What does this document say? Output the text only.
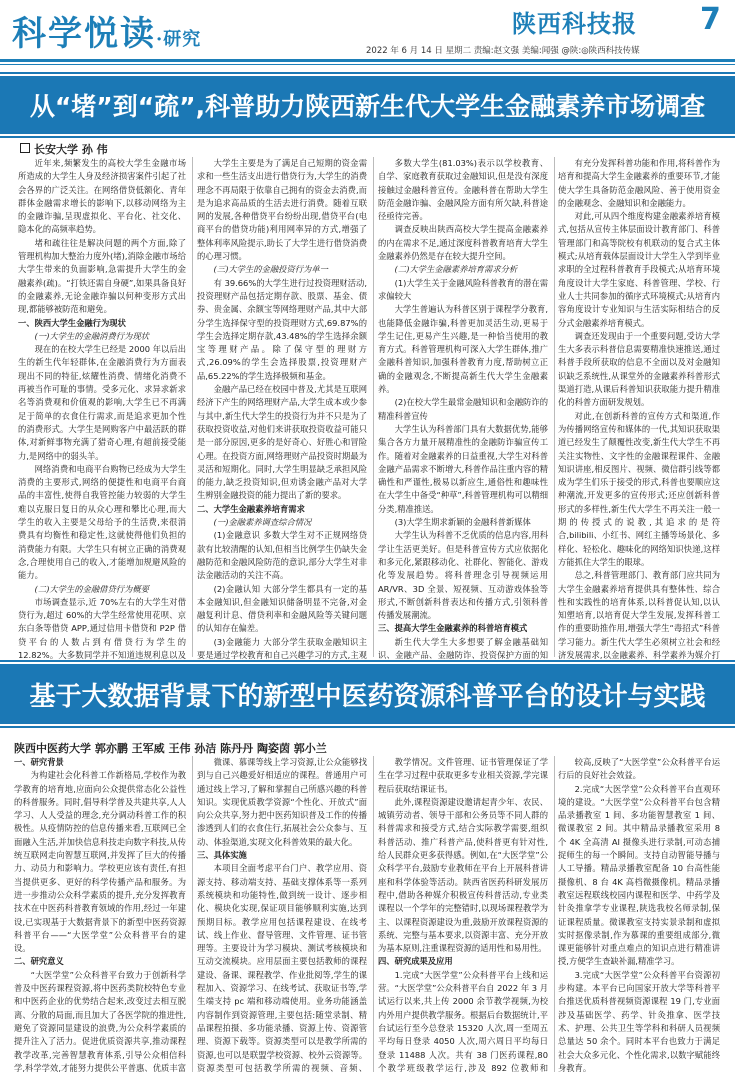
科学悦读·研究
陕西科技报 7
2022 年 6 月 14 日 星期二 责编:赵文强 美编:闻强 @陕:◎陕西科技传媒
从“堵”到“疏”,科普助力陕西新生代大学生金融素养市场调查
长安大学 孙 伟

近年来,频繁发生的高校大学生金融市场所造成的大学生人身及经济损害案件引起了社会各界的广泛关注。在网络借贷低额化、青年群体金融需求增长的影响下,以移动网络为主的金融诈骗,呈现虚拟化、平台化、社交化、隐本化的高频率趋势。

堵和疏往往是解决问题的两个方面,除了管理机构加大整治力度外(堵),消除金融市场给大学生带来的负面影响,急需提升大学生的金融素养(疏)。“打铁还需自身硬”,如果具备良好的金融素养,无论金融诈骗以何种变形方式出现,都能够被防范和避免。

一、陕西大学生金融行为现状

(一)大学生的金融消费行为现状

现在的在校大学生已经是 2000 年以后出生的新生代年轻群体,在金融消费行为方面表现出不同的特征,炫耀性消费、情绪化消费不再被当作可耻的事情。受多元化、求异求新求名等消费观和价值观的影响,大学生已不再满足于简单的衣食住行需求,而是追求更加个性的消费形式。大学生是网购客户中最活跃的群体,对新鲜事物充满了猎奇心理,有超前接受能力,是网络中的弱头羊。

网络消费和电商平台购物已经成为大学生消费的主要形式,网络的便捷性和电商平台商品的丰富性,使得自我管控能力较弱的大学生难以克服日复日的从众心理和攀比心理,而大学生的收入主要是父母给予的生活费,来很消费具有均衡性和稳定性,这就使得他们负担的消费能力有限。大学生只有树立正确的消费观念,合理使用自己的收入,才能增加规避风险的能力。

(二)大学生的金融借贷行为概要

市场调查显示,近 70%左右的大学生对借贷行为,超过 60%的大学生经常使用花呗、京东白条等借贷 APP,通过信用卡借贷和 P2P 借贷平台的人数占到有借贷行为学生的 12.82%。大多数同学并不知道违规利息以及

大学生主要是为了满足自己短期的资金需求和一些生活支出进行借贷行为,大学生的消费理念不再局限于依靠自己拥有的资金去消费,而是为追求高品质的生活去进行消费。随着互联网的发展,各种借贷平台纷纷出现,借贷平台(电商平台的借贷功能)利用网率异的方式,增强了整体利率风险提示,助长了大学生进行借贷消费的心理习惯。

(三)大学生的金融投资行为单一

有 39.66%的大学生进行过投资理财活动,投资理财产品包括定期存款、股票、基金、债券、贵金属、余额宝等网络理财产品,其中大部分学生选择保守型的投资理财方式,69.87%的学生会选择定期存款,43.48%的学生选择余额宝等理财产品。除了保守型的理财方式,26.09%的学生会选择股票,投资理财产品,65.22%的学生选择极频和基金。

金融产品已经在校园中普及,尤其是互联网经济下产生的网络理财产品,大学生成本或少参与其中,新生代大学生的投资行为并不只是为了获取投资收益,对他们来讲获取投资收益可能只是一部分原因,更多的是好奇心、好胜心和冒险心理。在投资方面,网络理财产品投资时期最为灵活和短期化。同时,大学生明显缺乏承担风险的能力,缺乏投资知识,但劝诱金融产品对大学生辨别金融投资的能力提出了新的要求。

二、大学生金融素养培育需求

(一)金融素养调查综合情况

(1)金融意识 多数大学生对不正规网络贷款有比较清醒的认知,但相当比例学生仍缺失金融防范和金融风险防范的意识,部分大学生对非法金融活动的关注不高。

(2)金融认知 大部分学生都具有一定的基本金融知识,但金融知识储备明显不完备,对金融复利计息、借贷利率和金融风险等关键问题的认知存在偏差。

(3)金融能力 大部分学生获取金融知识主要是通过学校教育和自己兴趣学习的方式,主观

多数大学生(81.03%)表示以学校教育、自学、家庭教育获取过金融知识,但是没有深度接触过金融科普宣传。金融科普在帮助大学生防范金融诈骗、金融风险方面有所欠缺,科普途径亟待完善。

调查反映出陕西高校大学生提高金融素养的内在需求不足,通过深度科普教育培育大学生金融素养仍然是存在较大提升空间。

(二)大学生金融素养培育需求分析

(1)大学生关于金融风险科普教育的潜在需求偏较大

大学生普遍认为科普区别于课程学分教育,也能降低金融诈骗,科普更加灵活生动,更易于学生记住,更易产生兴趣,是一种恰当使用的教育方式。科普管理机构可深入大学生群体,推广金融科普知识,加强科普教育力度,帮助树立正确的金融观念,不断提高新生代大学生金融素养。

(2)在校大学生最常金融知识和金融防诈的精准科普宣传

大学生认为科普部门具有大数据优势,能够集合各方力量开展精准性的金融防诈骗宣传工作。随着对金融素养的日益重视,大学生对科普金融产品需求不断增大,科普作品注重内容的精确性和严谨性,极易以新应生,通俗性和趣味性在大学生中备受“种草”,科普管理机构可以精细分类,精准推送。

(3)大学生期求新颖的金融科普新媒体

大学生认为科普不乏优质的信息内容,用科学让生活更美好。但是科普宣传方式应依据化和多元化,紧跟移动化、社群化、智能化、游戏化等发展趋势。将科普理念引导视频运用AR/VR、3D 全景、短视频、互动游戏体验等形式,不断创新科普表达和传播方式,引领科普传播发展潮流。

三、提高大学生金融素养的科普培育模式

新生代大学生大多想要了解金融基础知识、金融产品、金融防诈、投资保护方面的知

有充分发挥科普功能和作用,将科普作为培育和提高大学生金融素养的重要环节,才能使大学生具备防范金融风险、善于使用资金的金融观念、金融知识和金融能力。

对此,可从四个维度构建金融素养培育模式,包括从宣传主体层面设计教育部门、科普管理部门和高等院校有机联动的复合式主体模式;从培育载体层面设计大学生入学到毕业求职的全过程科普教育手段模式;从培育环境角度设计大学生家庭、科普管理、学校、行业人士共同参加的循序式环境模式;从培育内容角度设计专业知识与生活实际相结合的反分式金融素养培育模式。

调查还发现由于一个重要问题,受访大学生大多表示科普信息需要精准快速推送,通过科普手段所获取的信息不全面以及对金融知识缺乏系统性,从课堂外的金融素养科普形式渠道打造,从课后科普知识获取能力提升精准化的科普方面研发规划。

对此,在创新科普的宣传方式和渠道,作为传播网络宣传和媒体的一代,其知识获取渠道已经发生了颠覆性改变,新生代大学生不再关注实物性、文字性的金融课程课件、金融知识讲座,相反图片、视频、微信群引线等都成为学生们乐于接受的形式,科普也要顺应这种潮流,开发更多的宣传形式;还应创新科普形式的多样性,新生代大学生不再关注一般一期的传授式的说教,其追求的是符合,bilibili、小红书、网红主播等场景化、多样化、轻松化、趣味化的网络知识快递,这样方能抓住大学生的眼球。

总之,科普管理部门、教育部门应共同为大学生金融素养培育提供具有整体性、综合性和实践性的培育体系,以科普促认知,以认知塑培育,以培育促大学生发展,发挥科普工作的重要助推作用,增强大学生“毒招式”科普学习能力。新生代大学生必须树立社会和经济发展需求,以金融素养、科学素养为媒介打

基于大数据背景下的新型中医药资源科普平台的设计与实践
陕西中医药大学 郭亦鹏 王军威 王伟 孙洁 陈丹丹 陶姿茵 郭小兰
一、研究背景

为构建社会化科普工作新格局,学校作为教学教育的培育地,应面向公众提供常态化公益性的科普服务。同时,倡导科学普及共建共享,人人学习、人人受益的理念,充分调动科普工作的积极性。从疫情防控的信息传播来看,互联网已全面融入生活,并加快信息科技走向数字科技,从传统互联网走向智慧互联网,并发挥了巨大的传播力、动员力和影响力。学校更应该有责任,有担当提供更多、更好的科学传播产品和服务。为进一步推动公众科学素质的提升,充分发挥教育技术在中医药科普教育领域的作用,经过一年建设,已实现基于大数据背景下的新型中医药资源科普平台——“大医学堂”公众科普平台的建设。

二、研究意义

“大医学堂”公众科普平台致力于创新科学普及中医药课程资源,将中医药类院校特色专业和中医药企业的优势结合起来,改变过去相互脱离、分散的局面,而且加大了各医学院的推进性,避免了资源同显建设的浪费,为公众科学素质的提升注入了活力。促进优质资源共享,推动课程教学改革,完善智慧教育体系,引导公众相信科学,科学学效,才能努力提供公平普惠、优质丰富

微课、慕课等线上学习资源,让公众能够找到与自己兴趣爱好相适应的课程。普通用户可通过线上学习,了解和掌握自己所感兴趣的科普知识。实现优质教学资源“个性化、开放式”面向公众共享,努力把中医药知识普及工作的传播渗透到人们的衣食住行,拓展社会公众参与、互动、体验渠道,实现文化科普效果的最大化。

三、具体实施

本项目全面考虑平台门户、教学应用、资源支持、移动端支持、基础支撑体系等一系列系统模块和功能特性,做到统一设计、逐步相化、模块化实现,保证项目能够顺利实施,达到预期目标。教学应用包括课程建设、在线考试、线上作业、督导管理、文件管理、证书管理等。主要设计为学习模块、测试考核模块和互动交流模块。应用层面主要包括教师的课程建设、备课、课程教学、作业批阅等,学生的课程加入、资源学习、在线考试、获取证书等,学生端支持 pc 端和移动端使用。业务功能涵盖内容制作到资源管理,主要包括:随堂录制、精品课程拍摄、多功能录播、资源上传、资源管理、资源下载等。资源类型可以是教学所需的资源,也可以是联盟学校资源、校外云资源等。资源类型可包括教学所需的视频、音频、

教学情况。文件管理、证书管理保证了学生在学习过程中获取更多专业相关资源,学完课程后获取结课证书。

此外,课程资源建设邀请起青少年、农民、城镇劳动者、领导干部和公务员等不同人群的科普需求和接受方式,结合实际教学需要,组织科普活动、推广科普产品,使科普更有针对性,给人民群众更多获得感。例如,在“大医学堂”公众科学平台,鼓励专业教师在平台上开展科普讲座和科学体验等活动。陕西省医药科研发展历程中,借助各种媒介积极宣传科普活动,专业类课程以一个学年的完整错时,以现场课程教学为主、以课程资源建设为重,鼓励开放课程资源的系统、完整与基本要求,以资源丰富、充分开放为基本原则,注重课程资源的适用性和易用性。

四、研究成果及应用

1.完成“大医学堂”公众科普平台上线和运营。“大医学堂”公众科普平台自 2022 年 3 月试运行以来,共上传 2000 余节教学视频,为校内外用户提供教学服务。根据后台数据统计,平台试运行至今总登录 15320 人次,周一至周五平均每日登录 4050 人次,周六周日平均每日登录 11488 人次。共有 38 门医药课程,80 个教学班级教学运行,涉及 892 位教师和

较高,反映了“大医学堂”公众科普平台运行后的良好社会效益。

2.完成“大医学堂”公众科普平台直观环境的建设。“大医学堂”公众科普平台包含精品录播教室 1 间、多功能智慧教室 1 间、微课教室 2 间。其中精品录播教室采用 8 个 4K 全高清 AI 摄像头进行录制,可动态捕捉师生的每一个瞬间。支持自动智能导播与人工导播。精品录播教室配备 10 台高性能摄像机、8 台 4K 高档微摄像机。精品录播教室远程联线校园内课程和医学、中药学及针灸推拿学专业课程,陕选我校名师录制,保证课程质量。微课教室支持实景录制和虚拟实时抠像录制,作为慕课的重要组成部分,微课更能够针对重点难点的知识点进行精准讲授,方便学生查缺补漏,精准学习。

3.完成“大医学堂”公众科普平台资源初步构建。本平台已向国家开放大学等科普平台推送优质科普视频资源课程 19 门,专业面涉及基础医学、药学、针灸推拿、医学技术、护理、公共卫生等学科和科研人员视频总量达 50 余个。同时本平台也致力于满足社会大众多元化、个性化需求,以数字赋能终身教育。
